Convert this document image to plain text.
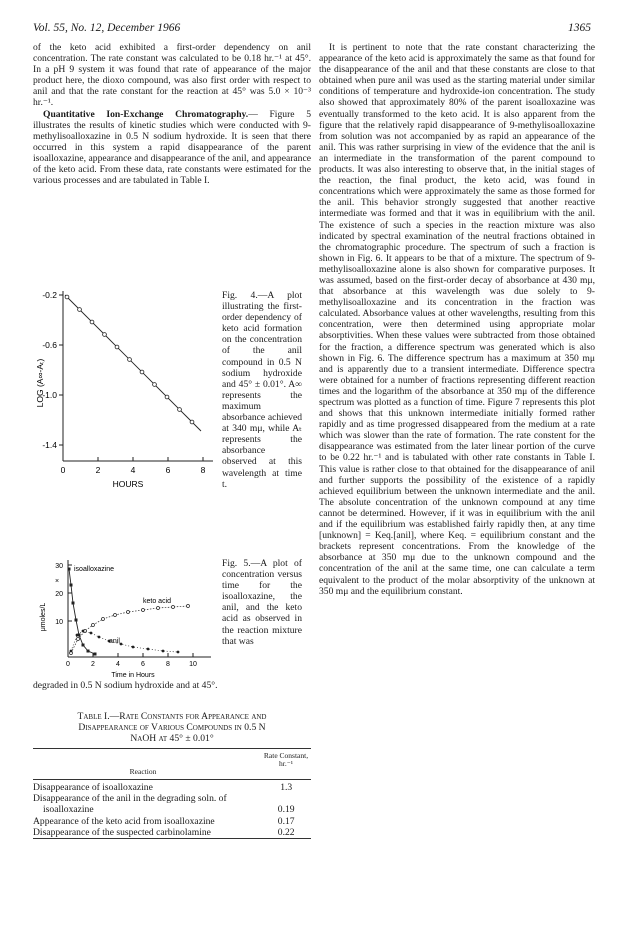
Vol. 55, No. 12, December 1966	1365

of the keto acid exhibited a first-order dependency on anil concentration. The rate constant was calculated to be 0.18 hr.⁻¹ at 45°. In a pH 9 system it was found that rate of appearance of the major product here, the dioxo compound, was also first order with respect to anil and that the rate constant for the reaction at 45° was 5.0 × 10⁻³ hr.⁻¹.

Quantitative Ion-Exchange Chromatography.— Figure 5 illustrates the results of kinetic studies which were conducted with 9-methylisoalloxazine in 0.5 N sodium hydroxide. It is seen that there occurred in this system a rapid disappearance of the parent isoalloxazine, appearance and disappearance of the anil, and appearance of the keto acid. From these data, rate constants were estimated for the various processes and are tabulated in Table I.

LOG (A∞-Aₜ)
-0.2
-0.6
-1.0
-1.4
0	2	4	6	8
HOURS
Fig. 4.—A plot illustrating the first-order dependency of keto acid formation on the concentration of the anil compound in 0.5 N sodium hydroxide and 45° ± 0.01°. A∞ represents the maximum absorbance achieved at 340 mμ, while Aₜ represents the absorbance observed at this wavelength at time t.
μmoles/L
×
30
20
10
0	2	4	6	8	10
isoalloxazine
keto acid
anil
Time in Hours
Fig. 5.—A plot of concentration versus time for the isoalloxazine, the anil, and the keto acid as observed in the reaction mixture that was
degraded in 0.5 N sodium hydroxide and at 45°.
Table I.—Rate Constants for Appearance and
Disappearance of Various Compounds in 0.5 N
NaOH at 45° ± 0.01°
Reaction
Rate Constant, hr.⁻¹
Disappearance of isoalloxazine	1.3
Disappearance of the anil in the degrading soln. of isoalloxazine	0.19
Appearance of the keto acid from isoalloxazine	0.17
Disappearance of the suspected carbinolamine	0.22

It is pertinent to note that the rate constant characterizing the appearance of the keto acid is approximately the same as that found for the disappearance of the anil and that these constants are close to that obtained when pure anil was used as the starting material under similar conditions of temperature and hydroxide-ion concentration. The study also showed that approximately 80% of the parent isoalloxazine was eventually transformed to the keto acid. It is also apparent from the figure that the relatively rapid disappearance of 9-methylisoalloxazine from solution was not accompanied by as rapid an appearance of the anil. This was rather surprising in view of the evidence that the anil is an intermediate in the transformation of the parent compound to products. It was also interesting to observe that, in the initial stages of the reaction, the final product, the keto acid, was found in concentrations which were approximately the same as those formed for the anil. This behavior strongly suggested that another reactive intermediate was formed and that it was in equilibrium with the anil. The existence of such a species in the reaction mixture was also indicated by spectral examination of the neutral fractions obtained in the chromatographic procedure. The spectrum of such a fraction is shown in Fig. 6. It appears to be that of a mixture. The spectrum of 9-methylisoalloxazine alone is also shown for comparative purposes. It was assumed, based on the first-order decay of absorbance at 430 mμ, that absorbance at this wavelength was due solely to 9-methylisoalloxazine and its concentration in the fraction was calculated. Absorbance values at other wavelengths, resulting from this concentration, were then determined using appropriate molar absorptivities. When these values were subtracted from those obtained for the fraction, a difference spectrum was generated which is also shown in Fig. 6. The difference spectrum has a maximum at 350 mμ and is apparently due to a transient intermediate. Difference spectra were obtained for a number of fractions representing different reaction times and the logarithm of the absorbance at 350 mμ of the difference spectrum was plotted as a function of time. Figure 7 represents this plot and shows that this unknown intermediate initially formed rather rapidly and as time progressed disappeared from the medium at a rate which was slower than the rate of formation. The rate constent for the disappearance was estimated from the later linear portion of the curve to be 0.22 hr.⁻¹ and is tabulated with other rate constants in Table I. This value is rather close to that obtained for the disappearance of anil and further supports the possibility of the existence of a rapidly achieved equilibrium between the unknown intermediate and the anil. The absolute concentration of the unknown compound at any time cannot be determined. However, if it was in equilibrium with the anil and if the equilibrium was established fairly rapidly then, at any time [unknown] = Keq.[anil], where Keq. = equilibrium constant and the brackets represent concentrations. From the knowledge of the absorbance at 350 mμ due to the unknown compound and the concentration of the anil at the same time, one can calculate a term equivalent to the product of the molar absorptivity of the unknown at 350 mμ and the equilibrium constant.
